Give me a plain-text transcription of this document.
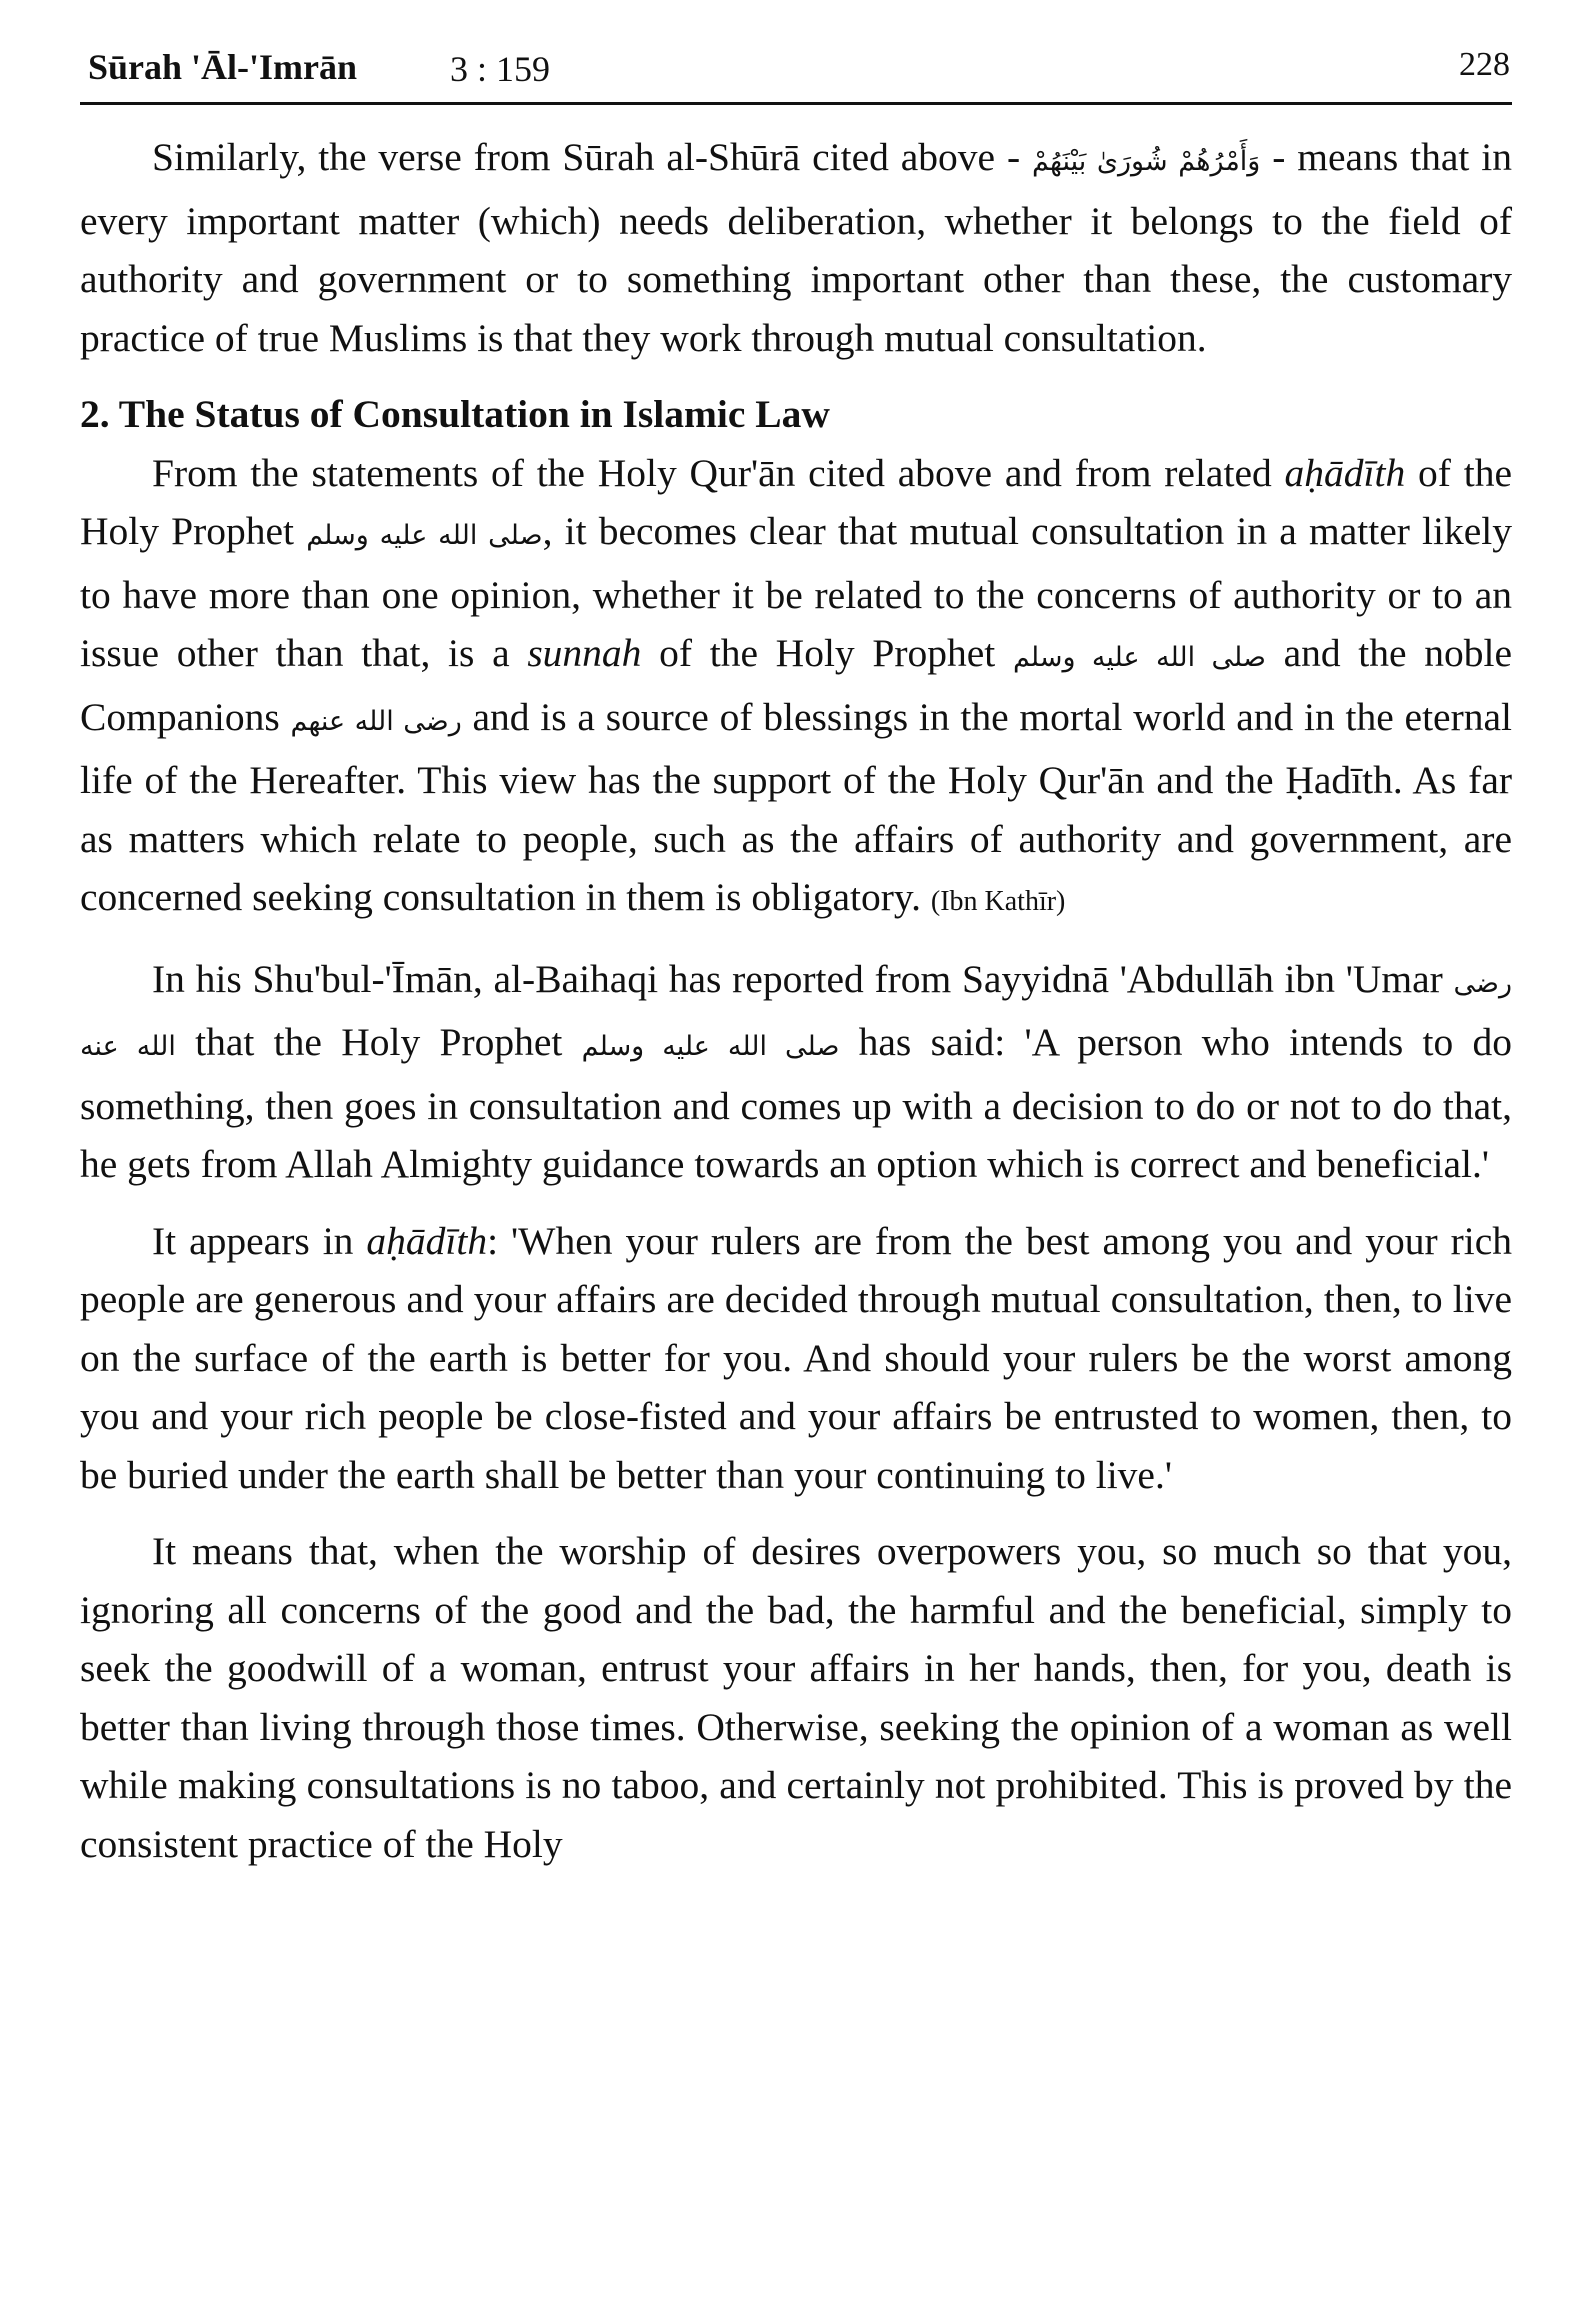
Sūrah 'Āl-'Imrān	3 : 159	228

Similarly, the verse from Sūrah al-Shūrā cited above - وَأَمْرُهُمْ شُورَىٰ بَيْنَهُمْ - means that in every important matter (which) needs deliberation, whether it belongs to the field of authority and government or to something important other than these, the customary practice of true Muslims is that they work through mutual consultation.

2. The Status of Consultation in Islamic Law

From the statements of the Holy Qur'ān cited above and from related aḥādīth of the Holy Prophet صلى الله عليه وسلم, it becomes clear that mutual consultation in a matter likely to have more than one opinion, whether it be related to the concerns of authority or to an issue other than that, is a sunnah of the Holy Prophet صلى الله عليه وسلم and the noble Companions رضى الله عنهم and is a source of blessings in the mortal world and in the eternal life of the Hereafter. This view has the support of the Holy Qur'ān and the Ḥadīth. As far as matters which relate to people, such as the affairs of authority and government, are concerned seeking consultation in them is obligatory. (Ibn Kathīr)

In his Shu'bul-'Īmān, al-Baihaqi has reported from Sayyidnā 'Abdullāh ibn 'Umar رضى الله عنه that the Holy Prophet صلى الله عليه وسلم has said: 'A person who intends to do something, then goes in consultation and comes up with a decision to do or not to do that, he gets from Allah Almighty guidance towards an option which is correct and beneficial.'

It appears in aḥādīth: 'When your rulers are from the best among you and your rich people are generous and your affairs are decided through mutual consultation, then, to live on the surface of the earth is better for you. And should your rulers be the worst among you and your rich people be close-fisted and your affairs be entrusted to women, then, to be buried under the earth shall be better than your continuing to live.'

It means that, when the worship of desires overpowers you, so much so that you, ignoring all concerns of the good and the bad, the harmful and the beneficial, simply to seek the goodwill of a woman, entrust your affairs in her hands, then, for you, death is better than living through those times. Otherwise, seeking the opinion of a woman as well while making consultations is no taboo, and certainly not prohibited. This is proved by the consistent practice of the Holy
